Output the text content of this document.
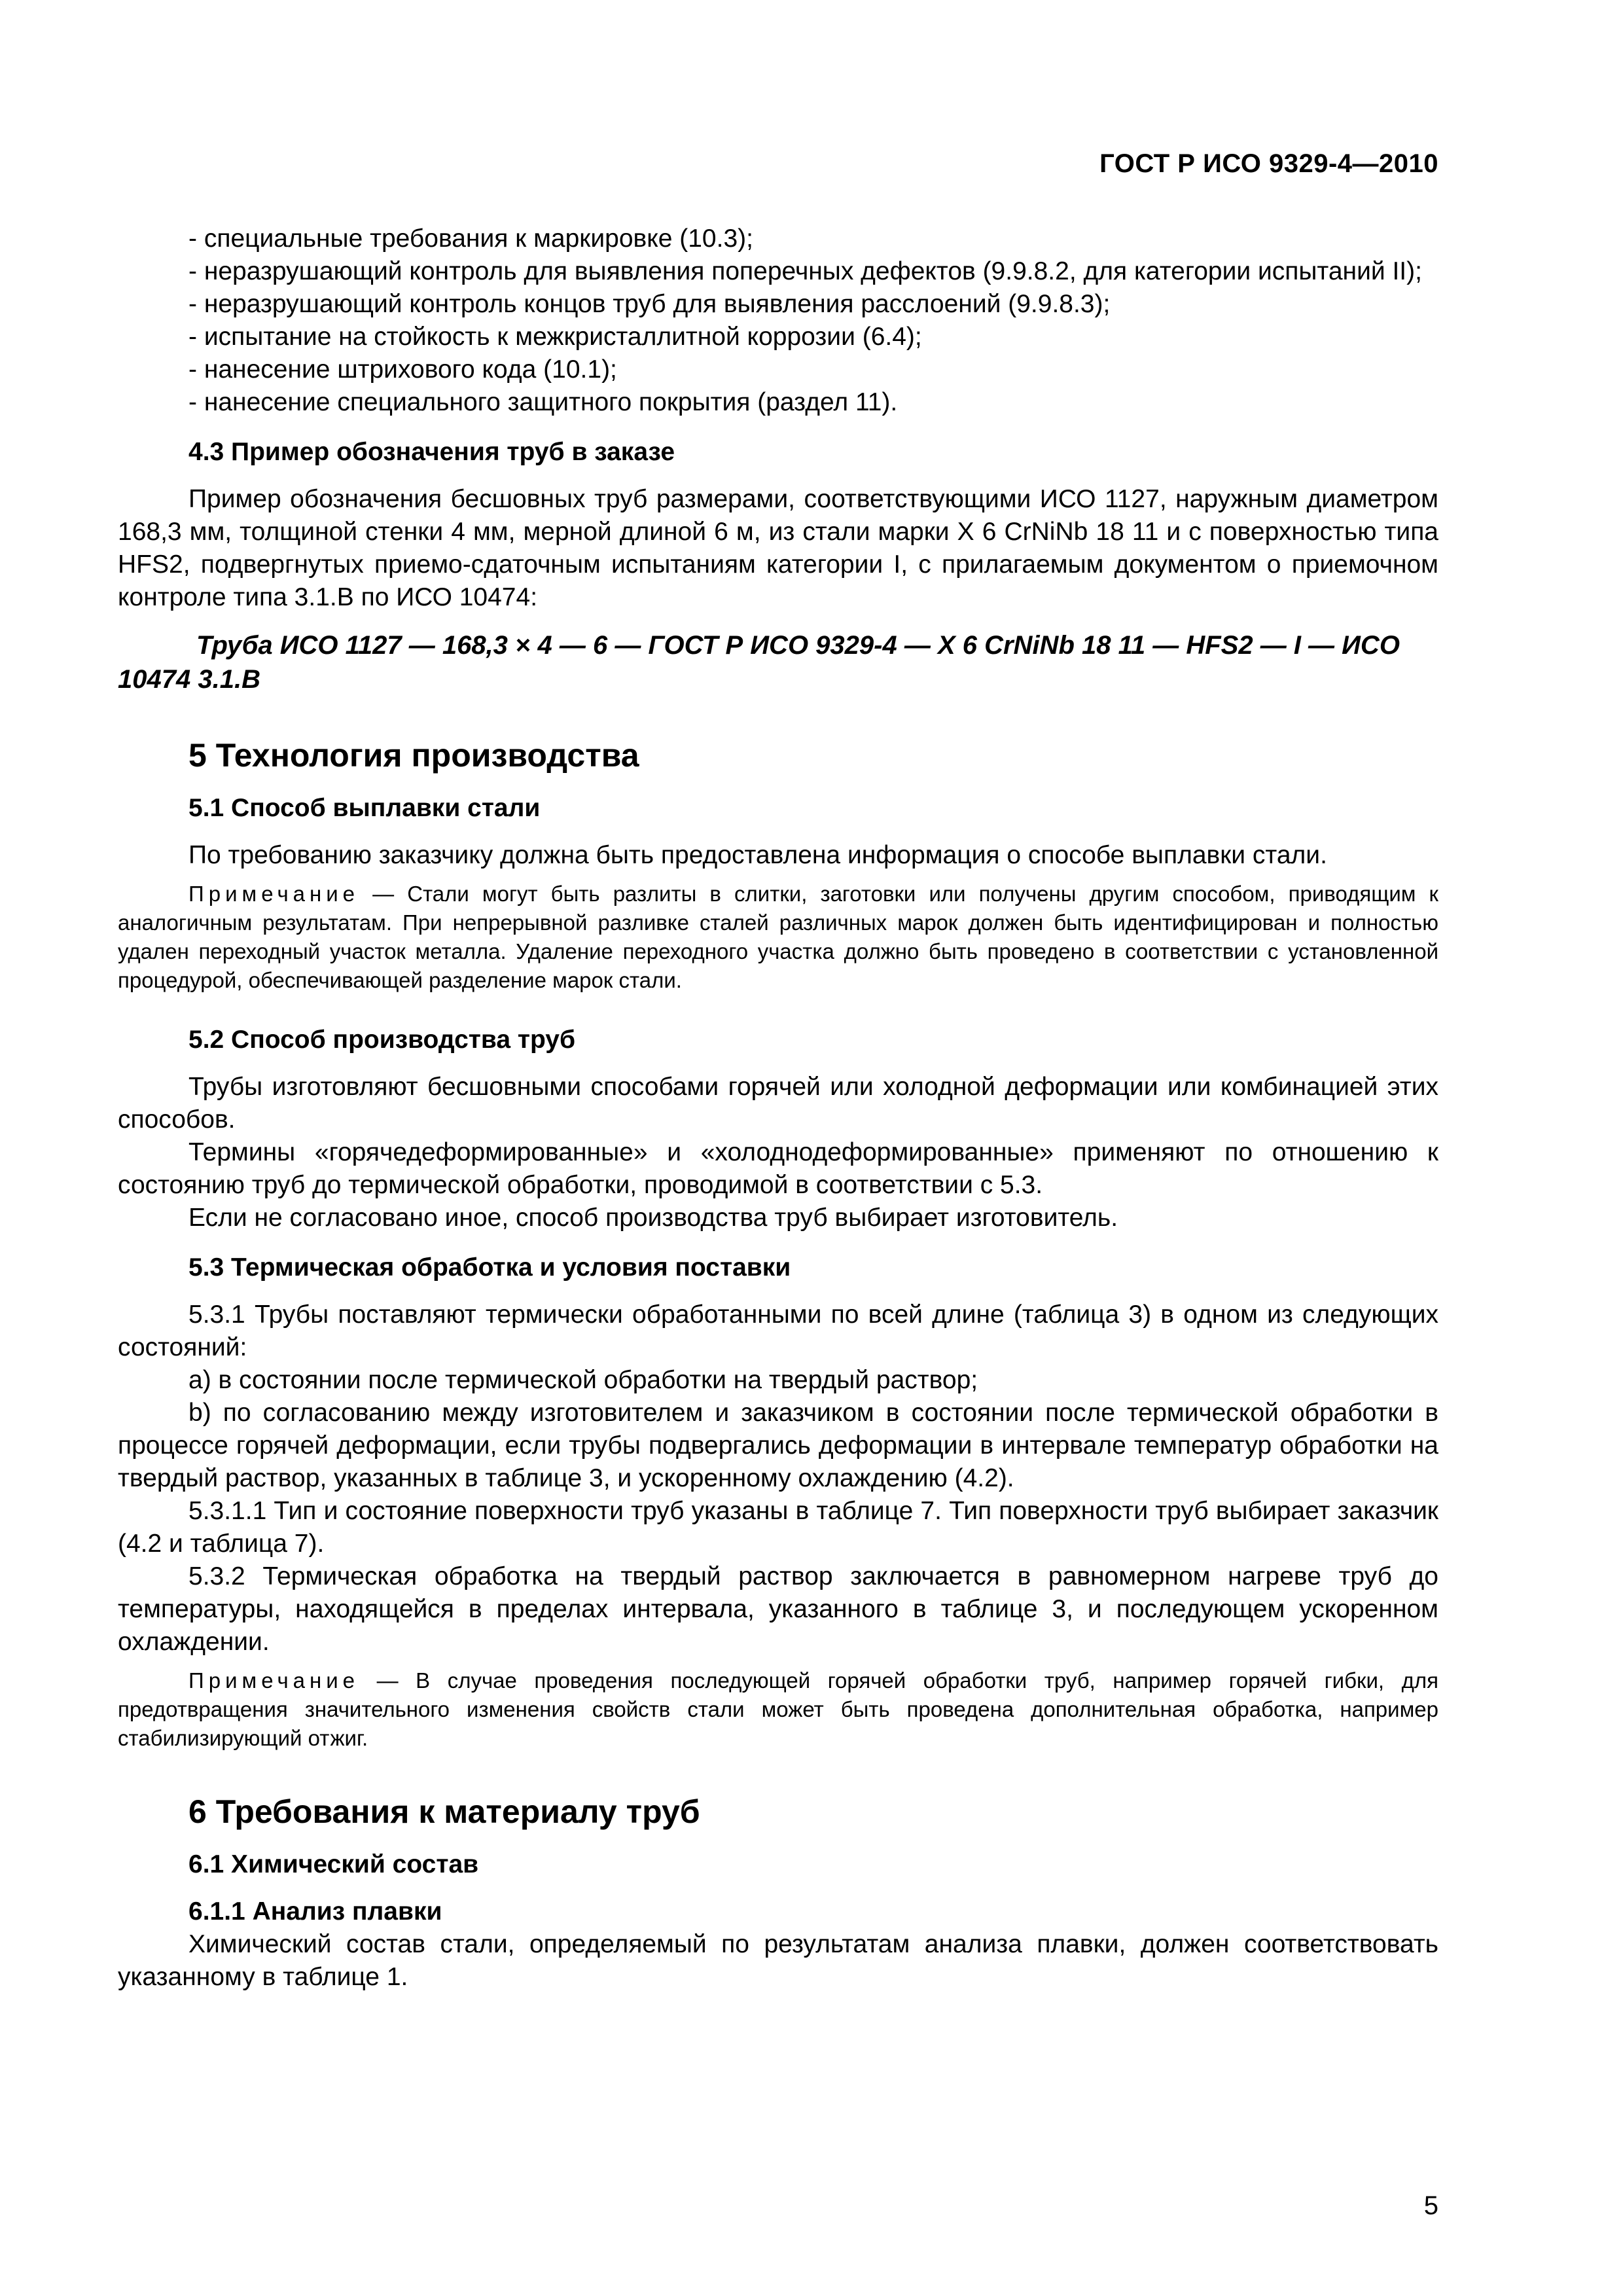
ГОСТ Р ИСО 9329-4—2010

- специальные требования к маркировке (10.3);

- неразрушающий контроль для выявления поперечных дефектов (9.9.8.2, для категории испытаний II);

- неразрушающий контроль концов труб для выявления расслоений (9.9.8.3);

- испытание на стойкость к межкристаллитной коррозии (6.4);

- нанесение штрихового кода (10.1);

- нанесение специального защитного покрытия (раздел 11).

4.3 Пример обозначения труб в заказе

Пример обозначения бесшовных труб размерами, соответствующими ИСО 1127, наружным диаметром 168,3 мм, толщиной стенки 4 мм, мерной длиной 6 м, из стали марки X 6 CrNiNb 18 11 и с поверхностью типа HFS2, подвергнутых приемо-сдаточным испытаниям категории I, с прилагаемым документом о приемочном контроле типа 3.1.В по ИСО 10474:

Труба ИСО 1127 — 168,3 × 4 — 6 — ГОСТ Р ИСО 9329-4 — X 6 CrNiNb 18 11 — HFS2 — I — ИСО 10474 3.1.В

5 Технология производства
5.1 Способ выплавки стали

По требованию заказчику должна быть предоставлена информация о способе выплавки стали.

Примечание — Стали могут быть разлиты в слитки, заготовки или получены другим способом, приводящим к аналогичным результатам. При непрерывной разливке сталей различных марок должен быть идентифицирован и полностью удален переходный участок металла. Удаление переходного участка должно быть проведено в соответствии с установленной процедурой, обеспечивающей разделение марок стали.

5.2 Способ производства труб

Трубы изготовляют бесшовными способами горячей или холодной деформации или комбинацией этих способов.

Термины «горячедеформированные» и «холоднодеформированные» применяют по отношению к состоянию труб до термической обработки, проводимой в соответствии с 5.3.

Если не согласовано иное, способ производства труб выбирает изготовитель.

5.3 Термическая обработка и условия поставки

5.3.1 Трубы поставляют термически обработанными по всей длине (таблица 3) в одном из следующих состояний:

a) в состоянии после термической обработки на твердый раствор;

b) по согласованию между изготовителем и заказчиком в состоянии после термической обработки в процессе горячей деформации, если трубы подвергались деформации в интервале температур обработки на твердый раствор, указанных в таблице 3, и ускоренному охлаждению (4.2).

5.3.1.1 Тип и состояние поверхности труб указаны в таблице 7. Тип поверхности труб выбирает заказчик (4.2 и таблица 7).

5.3.2 Термическая обработка на твердый раствор заключается в равномерном нагреве труб до температуры, находящейся в пределах интервала, указанного в таблице 3, и последующем ускоренном охлаждении.

Примечание — В случае проведения последующей горячей обработки труб, например горячей гибки, для предотвращения значительного изменения свойств стали может быть проведена дополнительная обработка, например стабилизирующий отжиг.

6 Требования к материалу труб
6.1 Химический состав
6.1.1 Анализ плавки

Химический состав стали, определяемый по результатам анализа плавки, должен соответствовать указанному в таблице 1.

5
